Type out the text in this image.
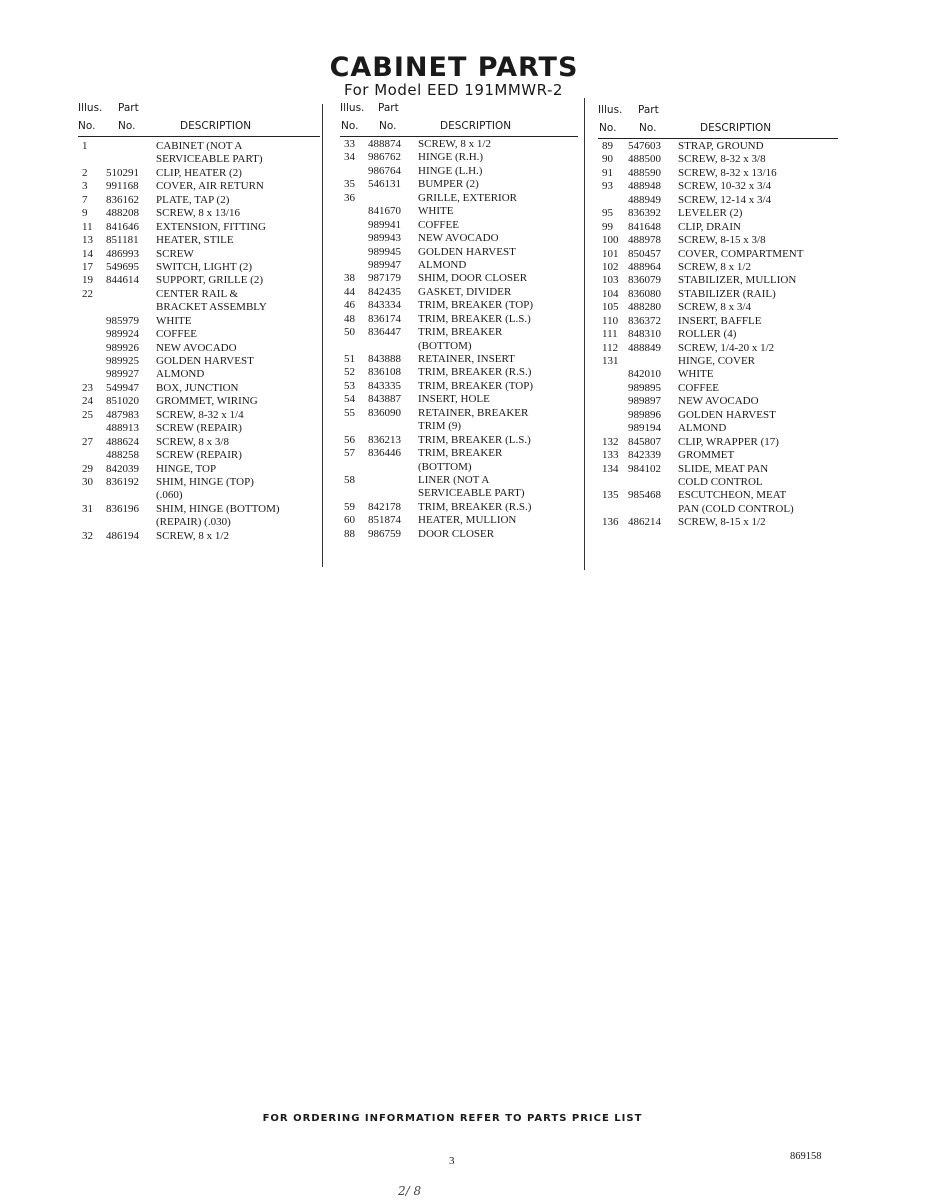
CABINET PARTS
For Model EED 191MMWR-2
Illus. Part
No. No.	DESCRIPTION
1	CABINET (NOT A
SERVICEABLE PART)
2 510291 CLIP, HEATER (2)
3 991168 COVER, AIR RETURN
7 836162 PLATE, TAP (2)
9 488208 SCREW, 8 x 13/16
11 841646 EXTENSION, FITTING
13 851181 HEATER, STILE
14 486993 SCREW
17 549695 SWITCH, LIGHT (2)
19 844614 SUPPORT, GRILLE (2)
22	CENTER RAIL &
BRACKET ASSEMBLY
985979 WHITE
989924 COFFEE
989926 NEW AVOCADO
989925 GOLDEN HARVEST
989927 ALMOND
23 549947 BOX, JUNCTION
24 851020 GROMMET, WIRING
25 487983 SCREW, 8-32 x 1/4
488913 SCREW (REPAIR)
27 488624 SCREW, 8 x 3/8
488258 SCREW (REPAIR)
29 842039 HINGE, TOP
30 836192 SHIM, HINGE (TOP)
(.060)
31 836196 SHIM, HINGE (BOTTOM)
(REPAIR) (.030)
32 486194 SCREW, 8 x 1/2
Illus. Part
No. No.	DESCRIPTION
33 488874 SCREW, 8 x 1/2
34 986762 HINGE (R.H.)
986764 HINGE (L.H.)
35 546131 BUMPER (2)
36	GRILLE, EXTERIOR
841670 WHITE
989941 COFFEE
989943 NEW AVOCADO
989945 GOLDEN HARVEST
989947 ALMOND
38 987179 SHIM, DOOR CLOSER
44 842435 GASKET, DIVIDER
46 843334 TRIM, BREAKER (TOP)
48 836174 TRIM, BREAKER (L.S.)
50 836447 TRIM, BREAKER
(BOTTOM)
51 843888 RETAINER, INSERT
52 836108 TRIM, BREAKER (R.S.)
53 843335 TRIM, BREAKER (TOP)
54 843887 INSERT, HOLE
55 836090 RETAINER, BREAKER
TRIM (9)
56 836213 TRIM, BREAKER (L.S.)
57 836446 TRIM, BREAKER
(BOTTOM)
58	LINER (NOT A
SERVICEABLE PART)
59 842178 TRIM, BREAKER (R.S.)
60 851874 HEATER, MULLION
88 986759 DOOR CLOSER
Illus. Part
No. No.	DESCRIPTION
89 547603 STRAP, GROUND
90 488500 SCREW, 8-32 x 3/8
91 488590 SCREW, 8-32 x 13/16
93 488948 SCREW, 10-32 x 3/4
488949 SCREW, 12-14 x 3/4
95 836392 LEVELER (2)
99 841648 CLIP, DRAIN
100 488978 SCREW, 8-15 x 3/8
101 850457 COVER, COMPARTMENT
102 488964 SCREW, 8 x 1/2
103 836079 STABILIZER, MULLION
104 836080 STABILIZER (RAIL)
105 488280 SCREW, 8 x 3/4
110 836372 INSERT, BAFFLE
111 848310 ROLLER (4)
112 488849 SCREW, 1/4-20 x 1/2
131	HINGE, COVER
842010 WHITE
989895 COFFEE
989897 NEW AVOCADO
989896 GOLDEN HARVEST
989194 ALMOND
132 845807 CLIP, WRAPPER (17)
133 842339 GROMMET
134 984102 SLIDE, MEAT PAN
COLD CONTROL
135 985468 ESCUTCHEON, MEAT
PAN (COLD CONTROL)
136 486214 SCREW, 8-15 x 1/2
FOR ORDERING INFORMATION REFER TO PARTS PRICE LIST
3	869158
2/ 8
